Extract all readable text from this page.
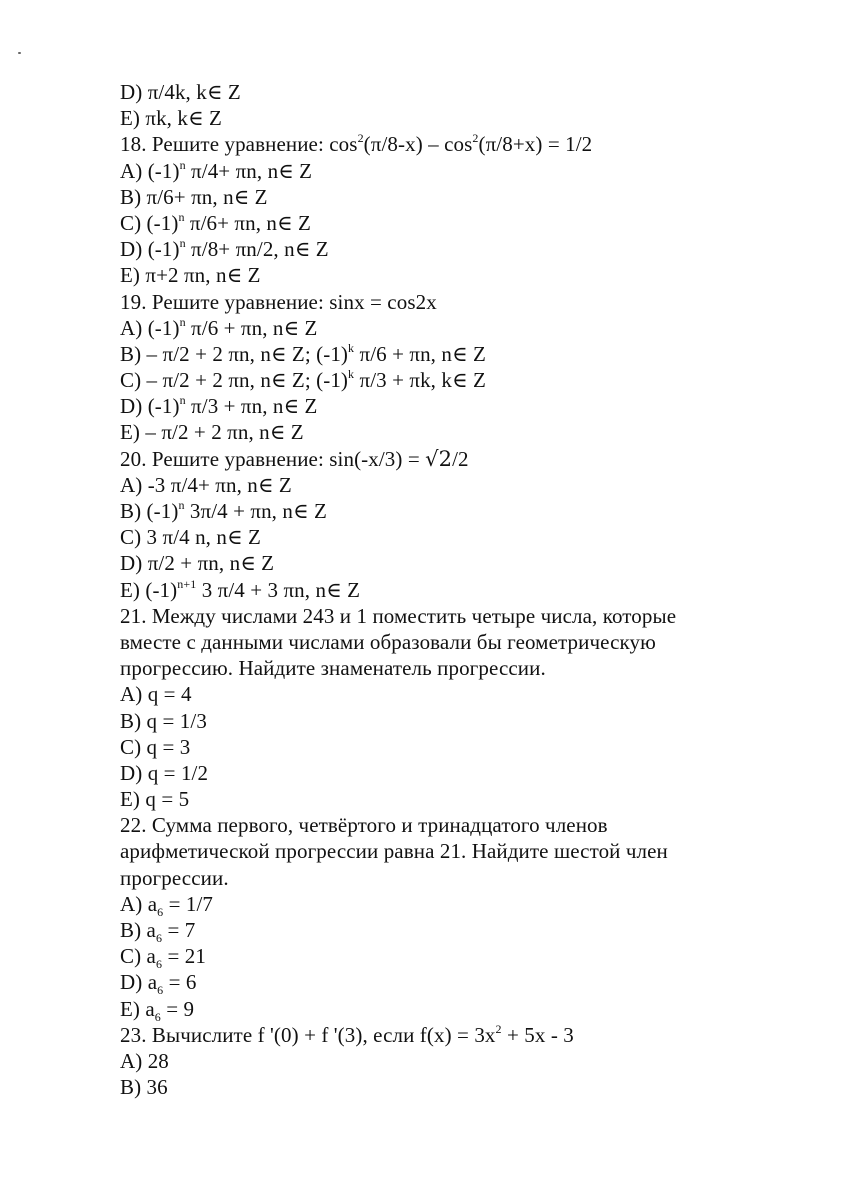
D) π/4k, k∈ Z
E) πk, k∈ Z
18. Решите уравнение: $\cos^2(\pi/8-x) - \cos^2(\pi/8+x) = 1/2$
A) $(-1)^n$ π/4+ πn, n∈ Z
B) π/6+ πn, n∈ Z
C) $(-1)^n$ π/6+ πn, n∈ Z
D) $(-1)^n$ π/8+ πn/2, n∈ Z
E) π+2 πn, n∈ Z
19. Решите уравнение: sinx = cos2x
A) $(-1)^n$ π/6 + πn, n∈ Z
B) – π/2 + 2 πn, n∈ Z; $(-1)^k$ π/6 + πn, n∈ Z
C) – π/2 + 2 πn, n∈ Z; $(-1)^k$ π/3 + πk, k∈ Z
D) $(-1)^n$ π/3 + πn, n∈ Z
E) – π/2 + 2 πn, n∈ Z
20. Решите уравнение: sin(-x/3) = √2/2
A) -3 π/4+ πn, n∈ Z
B) $(-1)^n$ 3π/4 + πn, n∈ Z
C) 3 π/4 n, n∈ Z
D) π/2 + πn, n∈ Z
E) $(-1)^{n+1}$ 3 π/4 + 3 πn, n∈ Z
21. Между числами 243 и 1 поместить четыре числа, которые
вместе с данными числами образовали бы геометрическую
прогрессию. Найдите знаменатель прогрессии.
A) q = 4
B) q = 1/3
C) q = 3
D) q = 1/2
E) q = 5
22. Сумма первого, четвёртого и тринадцатого членов
арифметической прогрессии равна 21. Найдите шестой член
прогрессии.
A) $a_6 = 1/7$
B) $a_6 = 7$
C) $a_6 = 21$
D) $a_6 = 6$
E) $a_6 = 9$
23. Вычислите f '(0) + f '(3), если $f(x) = 3x^2 + 5x - 3$
A) 28
B) 36
